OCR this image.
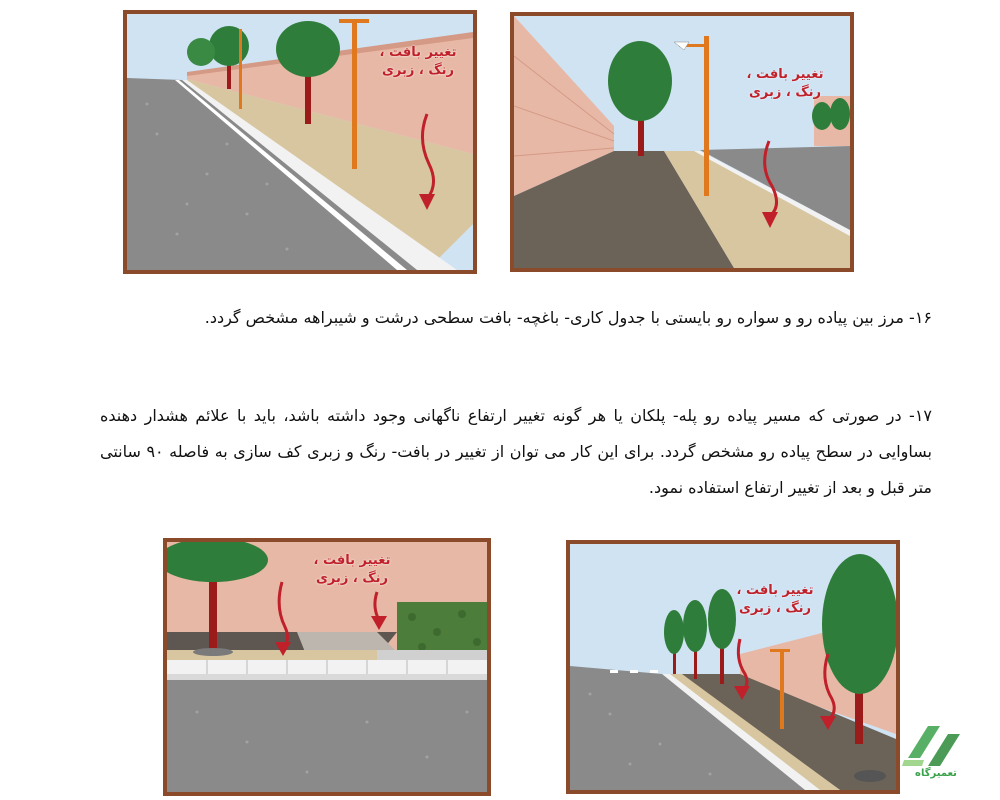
تغییر بافت ، رنگ ، زبری	تغییر بافت ، رنگ ، زبری
۱۶- مرز بین پیاده رو و سواره رو بایستی با جدول کاری- باغچه- بافت سطحی درشت و شیبراهه مشخص گردد.
۱۷- در صورتی که مسیر پیاده رو پله- پلکان یا هر گونه تغییر ارتفاع ناگهانی وجود داشته باشد، باید با علائم هشدار دهنده بساوایی در سطح پیاده رو مشخص گردد. برای این کار می توان از تغییر در بافت- رنگ و زبری کف سازی به فاصله ۹۰ سانتی متر قبل و بعد از تغییر ارتفاع استفاده نمود.
تغییر بافت ، رنگ ، زبری
تغییر بافت ، رنگ ، زبری
تعمیرگاه
